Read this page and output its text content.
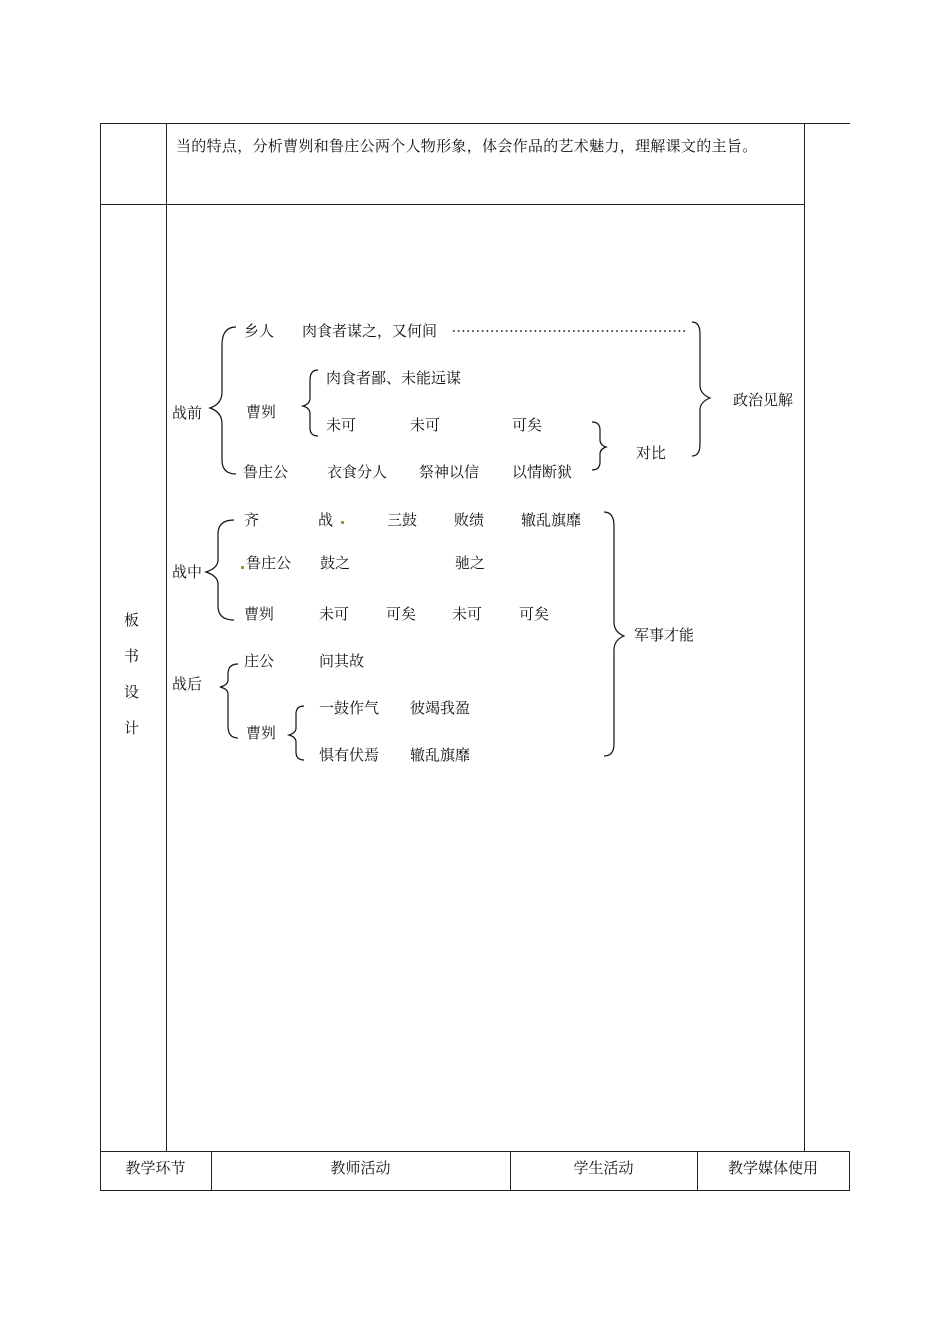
当的特点，分析曹刿和鲁庄公两个人物形象，体会作品的艺术魅力，理解课文的主旨。
板
书
设
计
战前
乡人 肉食者谋之，又何间
曹刿
肉食者鄙、未能远谋
未可	未可	可矣
鲁庄公	衣食分人 祭神以信 以情断狱
对比
政治见解
战中
齐	战	三鼓 败绩 辙乱旗靡
鲁庄公 鼓之	驰之
曹刿	未可 可矣 未可 可矣
军事才能
战后
庄公	问其故
曹刿
一鼓作气 彼竭我盈
惧有伏焉 辙乱旗靡
教学环节	教师活动	学生活动	教学媒体使用
